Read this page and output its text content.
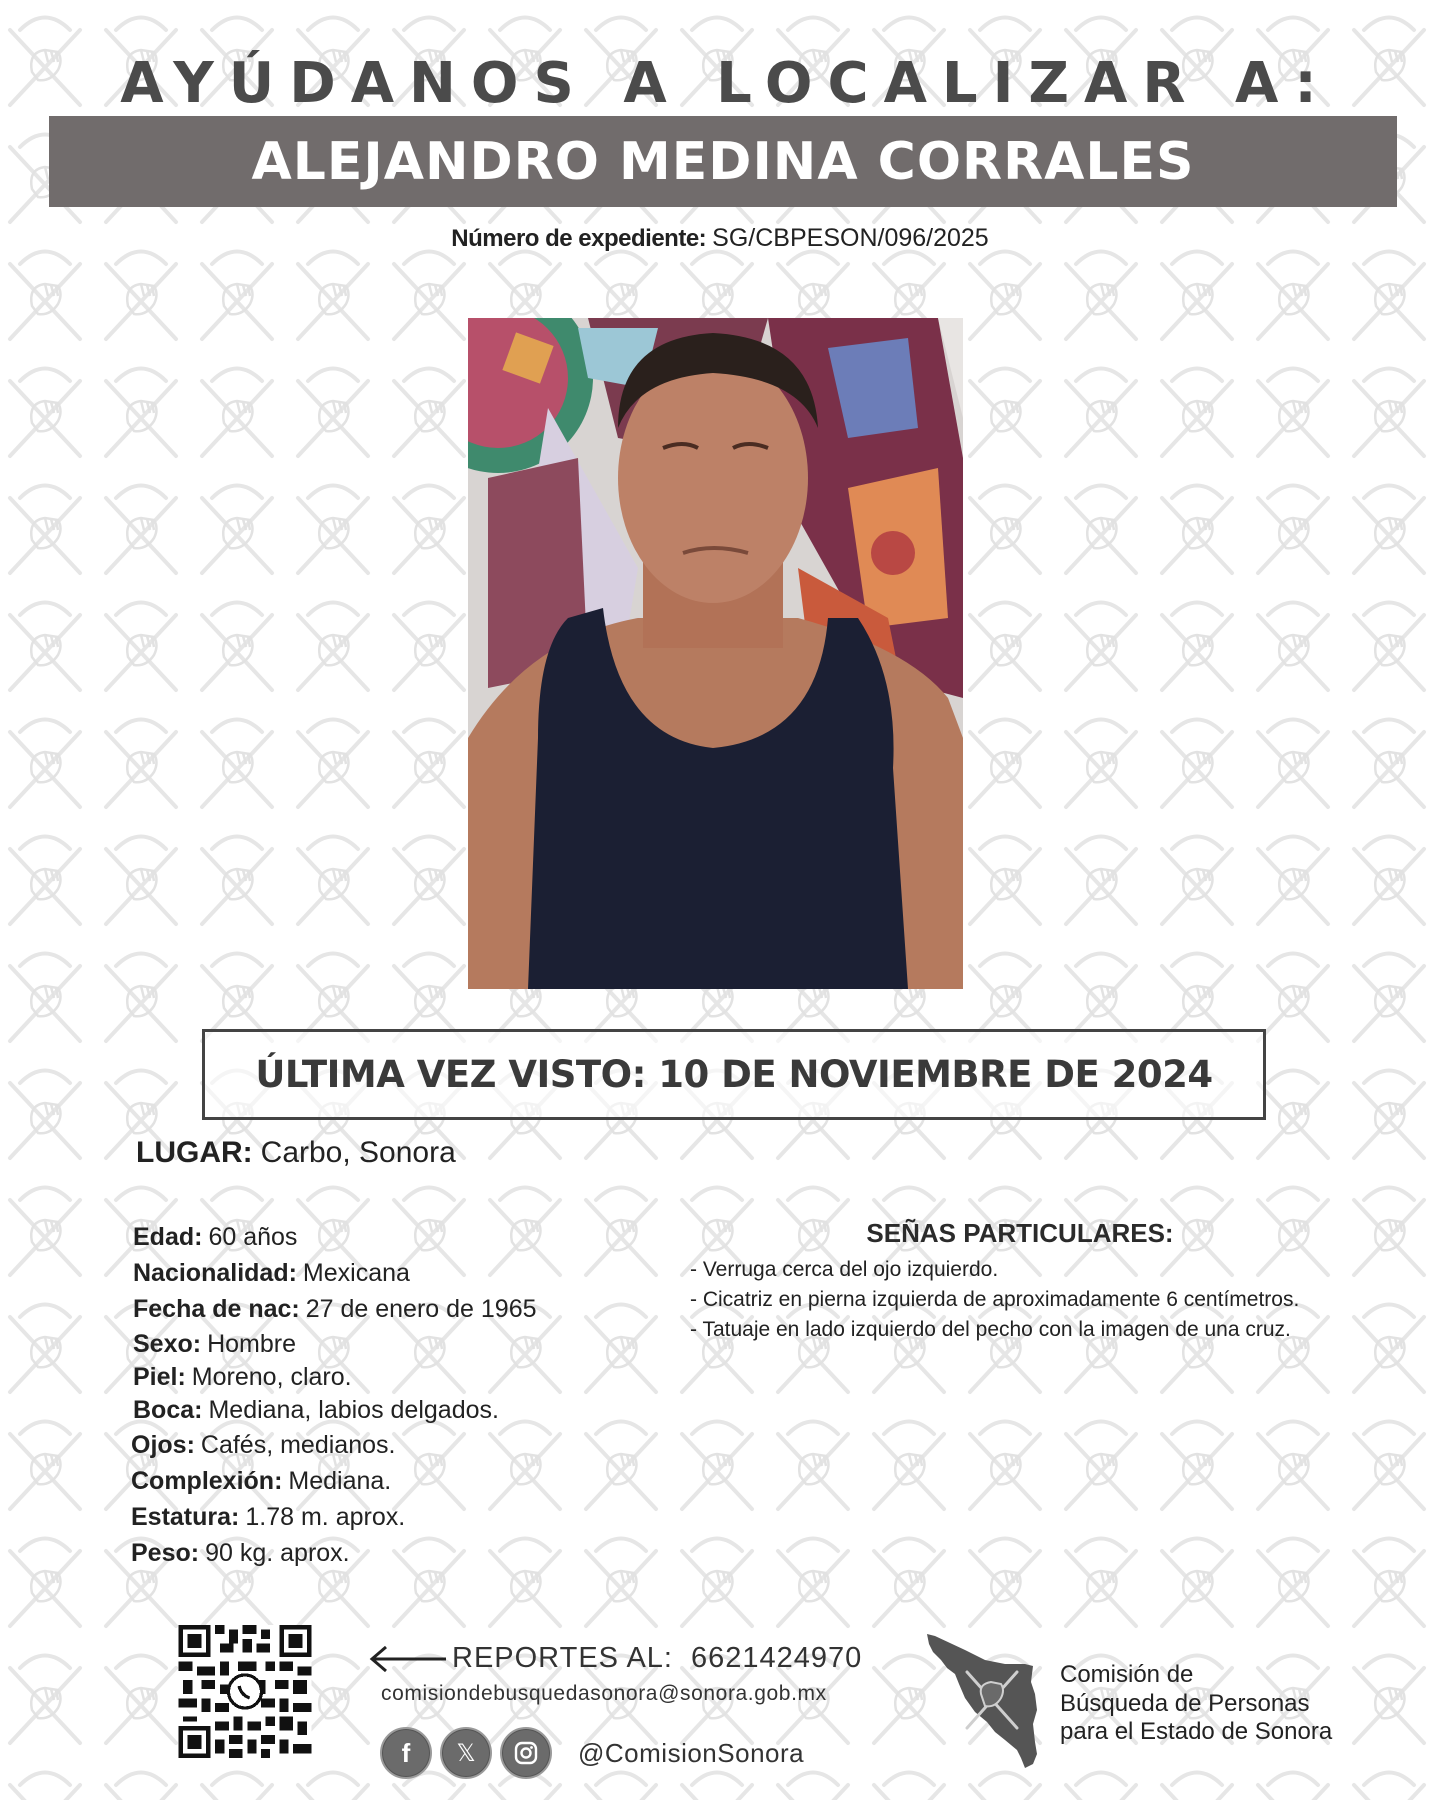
AYÚDANOS A LOCALIZAR A:
ALEJANDRO MEDINA CORRALES
Número de expediente: SG/CBPESON/096/2025
ÚLTIMA VEZ VISTO: 10 DE NOVIEMBRE DE 2024
LUGAR: Carbo, Sonora
Edad: 60 años
Nacionalidad: Mexicana
Fecha de nac: 27 de enero de 1965
Sexo: Hombre
Piel: Moreno, claro.
Boca: Mediana, labios delgados.
Ojos: Cafés, medianos.
Complexión: Mediana.
Estatura: 1.78 m. aprox.
Peso: 90 kg. aprox.
SEÑAS PARTICULARES:
- Verruga cerca del ojo izquierdo.
- Cicatriz en pierna izquierda de aproximadamente 6 centímetros.
- Tatuaje en lado izquierdo del pecho con la imagen de una cruz.
REPORTES AL: 6621424970
comisiondebusquedasonora@sonora.gob.mx
f 𝕏	@ComisionSonora
Comisión de
Búsqueda de Personas
para el Estado de Sonora
